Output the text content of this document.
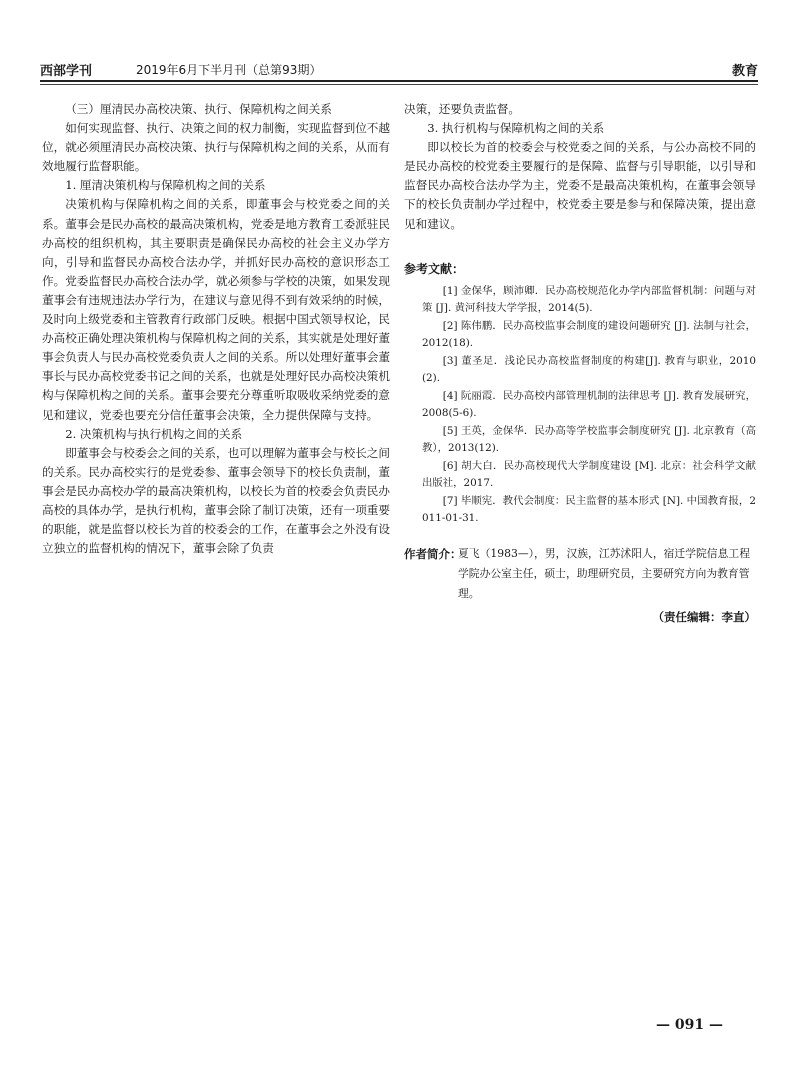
西部学刊	2019年6月下半月刊（总第93期）	教育

（三）厘清民办高校决策、执行、保障机构之间关系

如何实现监督、执行、决策之间的权力制衡，实现监督到位不越位，就必须厘清民办高校决策、执行与保障机构之间的关系，从而有效地履行监督职能。

1. 厘清决策机构与保障机构之间的关系

决策机构与保障机构之间的关系，即董事会与校党委之间的关系。董事会是民办高校的最高决策机构，党委是地方教育工委派驻民办高校的组织机构，其主要职责是确保民办高校的社会主义办学方向，引导和监督民办高校合法办学，并抓好民办高校的意识形态工作。党委监督民办高校合法办学，就必须参与学校的决策，如果发现董事会有违规违法办学行为，在建议与意见得不到有效采纳的时候，及时向上级党委和主管教育行政部门反映。根据中国式领导权论，民办高校正确处理决策机构与保障机构之间的关系，其实就是处理好董事会负责人与民办高校党委负责人之间的关系。所以处理好董事会董事长与民办高校党委书记之间的关系，也就是处理好民办高校决策机构与保障机构之间的关系。董事会要充分尊重听取吸收采纳党委的意见和建议，党委也要充分信任董事会决策，全力提供保障与支持。

2. 决策机构与执行机构之间的关系

即董事会与校委会之间的关系，也可以理解为董事会与校长之间的关系。民办高校实行的是党委参、董事会领导下的校长负责制，董事会是民办高校办学的最高决策机构，以校长为首的校委会负责民办高校的具体办学，是执行机构，董事会除了制订决策，还有一项重要的职能，就是监督以校长为首的校委会的工作，在董事会之外没有设立独立的监督机构的情况下，董事会除了负责

决策，还要负责监督。

3. 执行机构与保障机构之间的关系

即以校长为首的校委会与校党委之间的关系，与公办高校不同的是民办高校的校党委主要履行的是保障、监督与引导职能，以引导和监督民办高校合法办学为主，党委不是最高决策机构，在董事会领导下的校长负责制办学过程中，校党委主要是参与和保障决策，提出意见和建议。

参考文献：

[1] 金保华，顾沛卿．民办高校规范化办学内部监督机制：问题与对策 [J]. 黄河科技大学学报，2014(5).

[2] 陈伟鹏．民办高校监事会制度的建设问题研究 [J]. 法制与社会，2012(18).

[3] 董圣足．浅论民办高校监督制度的构建[J]. 教育与职业，2010(2).

[4] 阮丽霞．民办高校内部管理机制的法律思考 [J]. 教育发展研究，2008(5-6).

[5] 王英，金保华．民办高等学校监事会制度研究 [J]. 北京教育（高教），2013(12).

[6] 胡大白．民办高校现代大学制度建设 [M]. 北京：社会科学文献出版社，2017.

[7] 毕顺宪．教代会制度：民主监督的基本形式 [N]. 中国教育报，2011-01-31.

作者简介：
夏飞（1983—），男，汉族，江苏沭阳人，宿迁学院信息工程学院办公室主任，硕士，助理研究员，主要研究方向为教育管理。
（责任编辑：李直）
— 091 —
